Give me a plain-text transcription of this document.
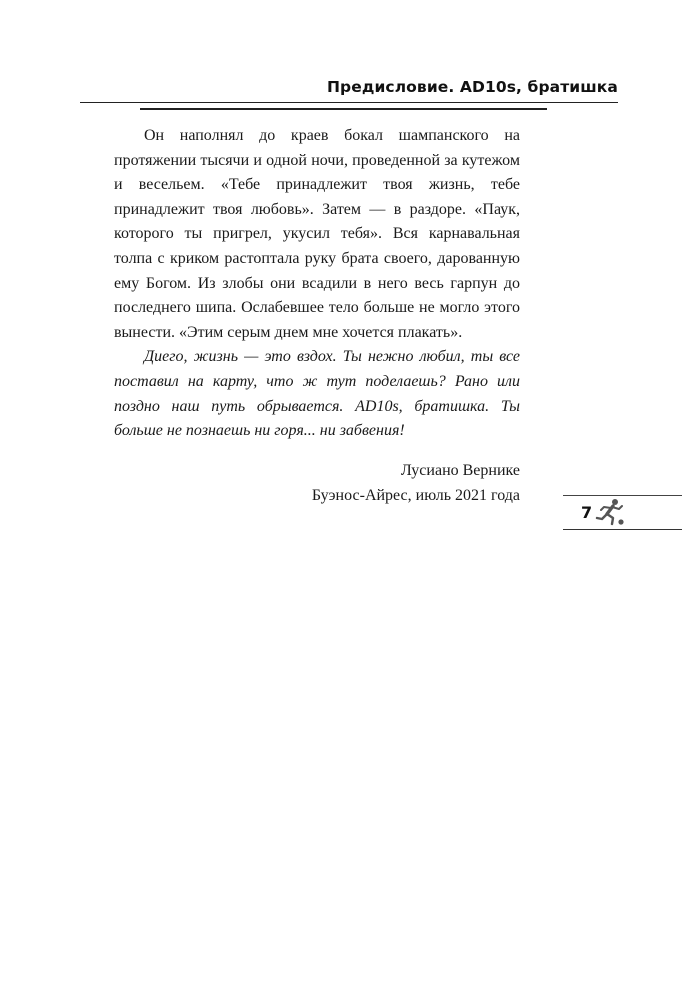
Предисловие. AD10s, братишка

Он наполнял до краев бокал шампанского на протяжении тысячи и одной ночи, проведенной за кутежом и весельем. «Тебе принадлежит твоя жизнь, тебе принадлежит твоя любовь». Затем — в раздоре. «Паук, которого ты пригрел, укусил тебя». Вся карнавальная толпа с криком растоптала руку брата своего, дарованную ему Богом. Из злобы они всадили в него весь гарпун до последнего шипа. Ослабевшее тело больше не могло этого вынести. «Этим серым днем мне хочется плакать».

Диего, жизнь — это вздох. Ты нежно любил, ты все поставил на карту, что ж тут поделаешь? Рано или поздно наш путь обрывается. AD10s, братишка. Ты больше не познаешь ни горя... ни забвения!

Лусиано Вернике
Буэнос-Айрес, июль 2021 года
7
